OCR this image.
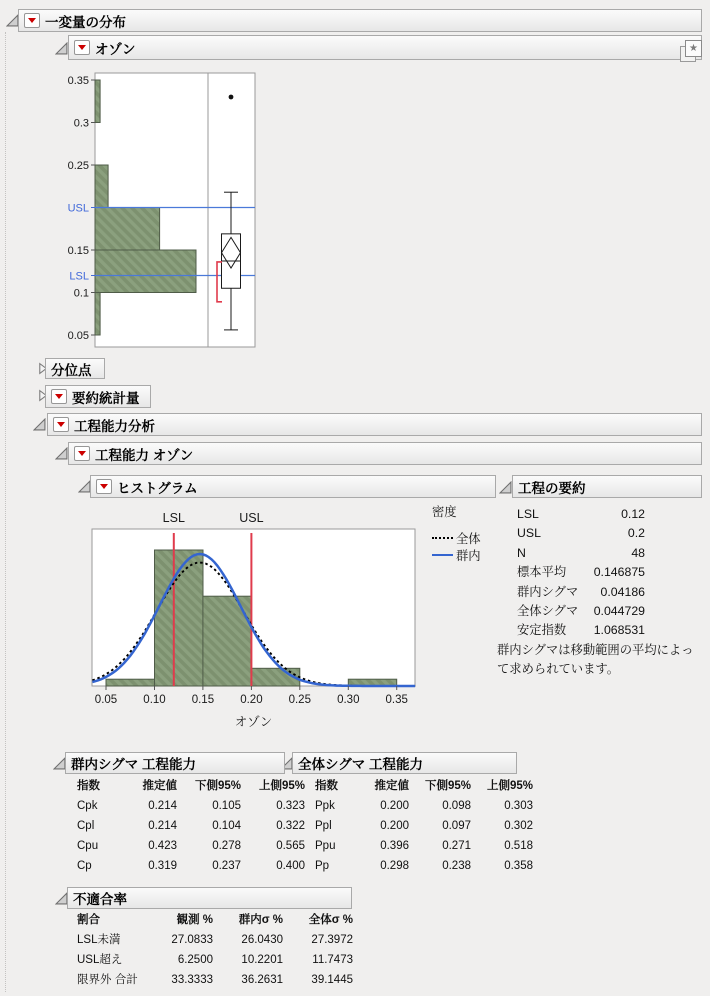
一変量の分布
オゾン	★
0.05
0.1
0.15
0.25
0.3
0.35
USL
LSL
分位点
要約統計量
工程能力分析
工程能力 オゾン
ヒストグラム	工程の要約
LSL	USL
0.05 0.10 0.15 0.20 0.25 0.30 0.35
オゾン
密度
全体
群内
LSL	0.12
USL	0.2
N	48
標本平均 0.146875
群内シグマ 0.04186
全体シグマ 0.044729
安定指数 1.068531
群内シグマは移動範囲の平均によって求められています。
群内シグマ 工程能力	全体シグマ 工程能力
指数	推定値	下側95%	上側95%
Cpk	0.214	0.105	0.323
Cpl	0.214	0.104	0.322
Cpu	0.423	0.278	0.565
Cp	0.319	0.237	0.400
指数	推定値	下側95%	上側95%
Ppk	0.200	0.098	0.303
Ppl	0.200	0.097	0.302
Ppu	0.396	0.271	0.518
Pp	0.298	0.238	0.358
不適合率
割合	観測 %	群内σ %	全体σ %
LSL未満	27.0833	26.0430	27.3972
USL超え	6.2500	10.2201	11.7473
限界外 合計	33.3333	36.2631	39.1445
